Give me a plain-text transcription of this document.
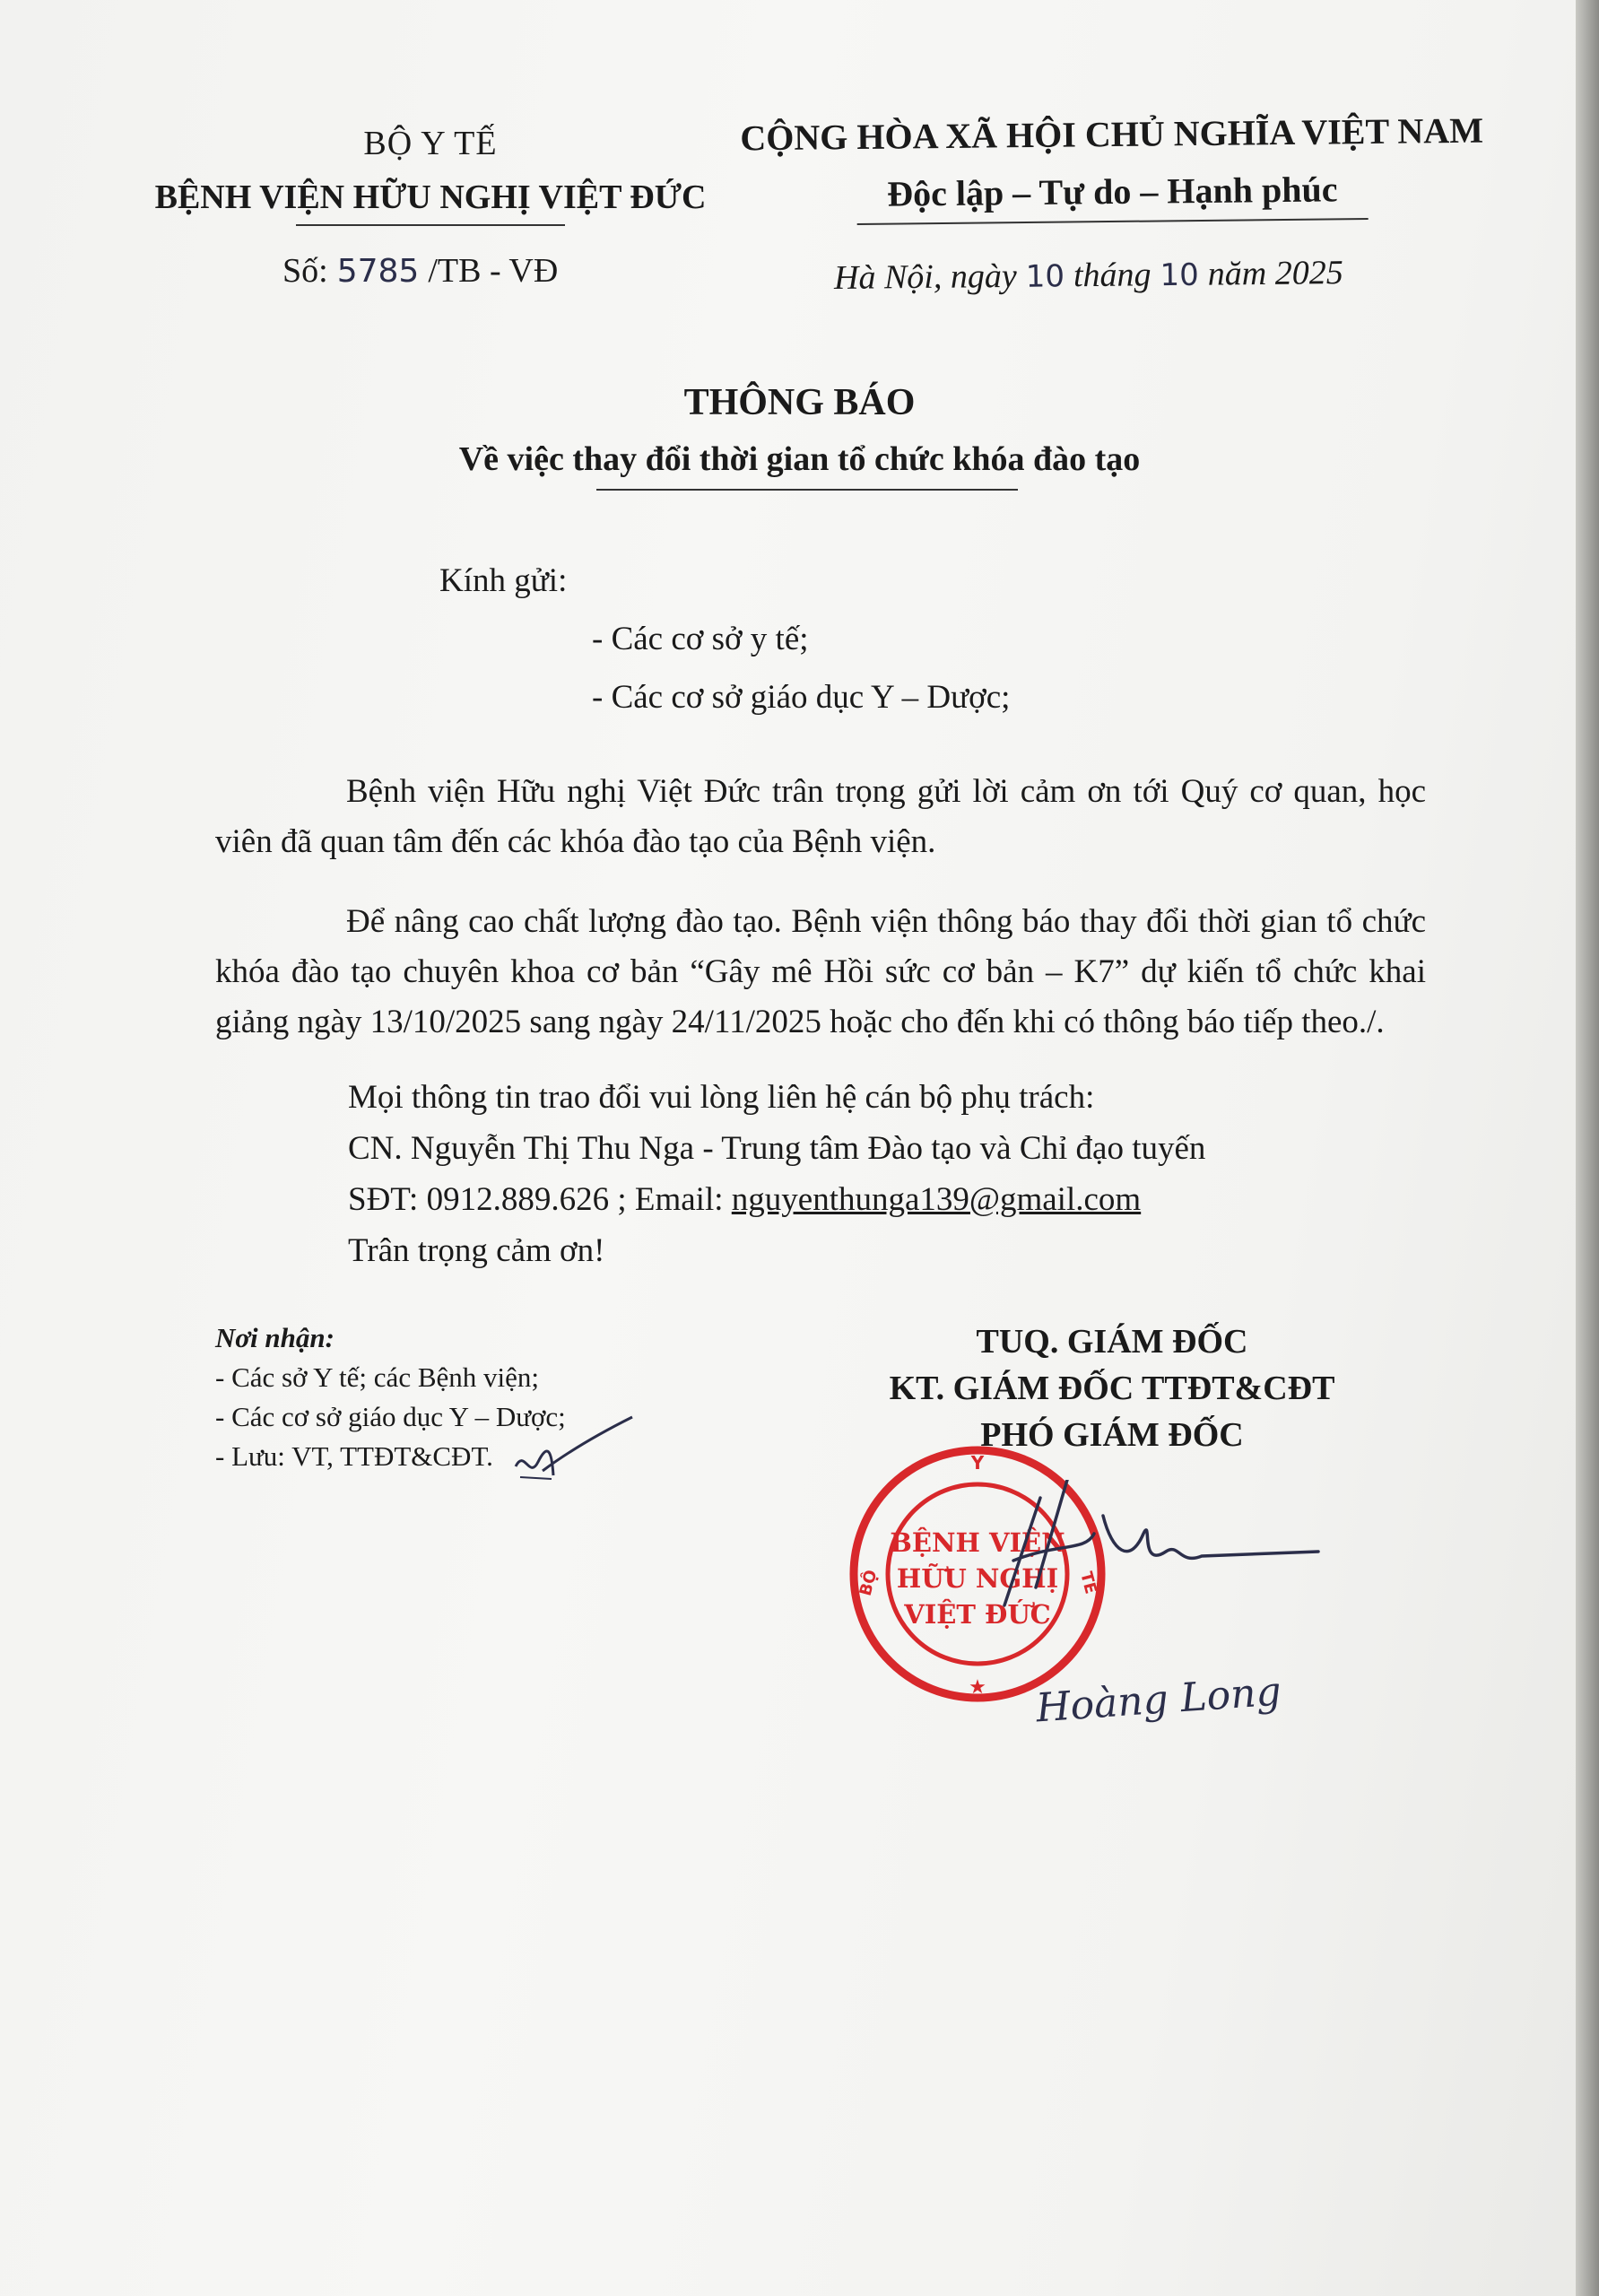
BỘ Y TẾ
BỆNH VIỆN HỮU NGHỊ VIỆT ĐỨC
CỘNG HÒA XÃ HỘI CHỦ NGHĨA VIỆT NAM
Độc lập – Tự do – Hạnh phúc
Số: 5785 /TB - VĐ	Hà Nội, ngày 10 tháng 10 năm 2025
THÔNG BÁO
Về việc thay đổi thời gian tổ chức khóa đào tạo
Kính gửi:
- Các cơ sở y tế;
- Các cơ sở giáo dục Y – Dược;
Bệnh viện Hữu nghị Việt Đức trân trọng gửi lời cảm ơn tới Quý cơ quan, học viên đã quan tâm đến các khóa đào tạo của Bệnh viện.
Để nâng cao chất lượng đào tạo. Bệnh viện thông báo thay đổi thời gian tổ chức khóa đào tạo chuyên khoa cơ bản “Gây mê Hồi sức cơ bản – K7” dự kiến tổ chức khai giảng ngày 13/10/2025 sang ngày 24/11/2025 hoặc cho đến khi có thông báo tiếp theo./.
Mọi thông tin trao đổi vui lòng liên hệ cán bộ phụ trách:
CN. Nguyễn Thị Thu Nga - Trung tâm Đào tạo và Chỉ đạo tuyến
SĐT: 0912.889.626 ; Email: nguyenthunga139@gmail.com
Trân trọng cảm ơn!
Nơi nhận:
- Các sở Y tế; các Bệnh viện;
- Các cơ sở giáo dục Y – Dược;
- Lưu: VT, TTĐT&CĐT.
TUQ. GIÁM ĐỐC
KT. GIÁM ĐỐC TTĐT&CĐT
PHÓ GIÁM ĐỐC
Y
BỘ	TẾ
★
BỆNH VIỆN
HỮU NGHỊ
VIỆT ĐỨC
Hoàng Long
